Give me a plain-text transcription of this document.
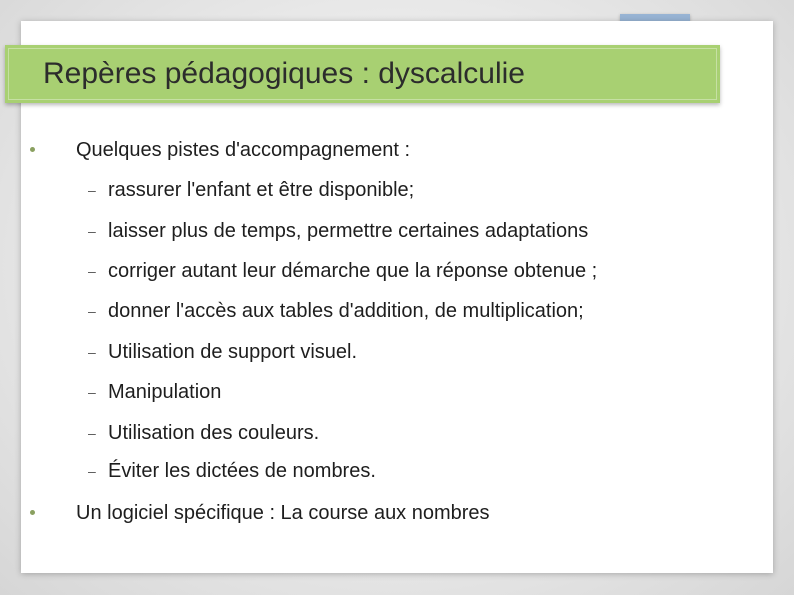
Repères pédagogiques : dyscalculie
Quelques pistes d'accompagnement :
– rassurer l'enfant et être disponible;
– laisser plus de temps, permettre certaines adaptations
– corriger autant leur démarche que la réponse obtenue ;
– donner l'accès aux tables d'addition, de multiplication;
– Utilisation de support visuel.
– Manipulation
– Utilisation des couleurs.
– Éviter les dictées de nombres.
Un logiciel spécifique : La course aux nombres
